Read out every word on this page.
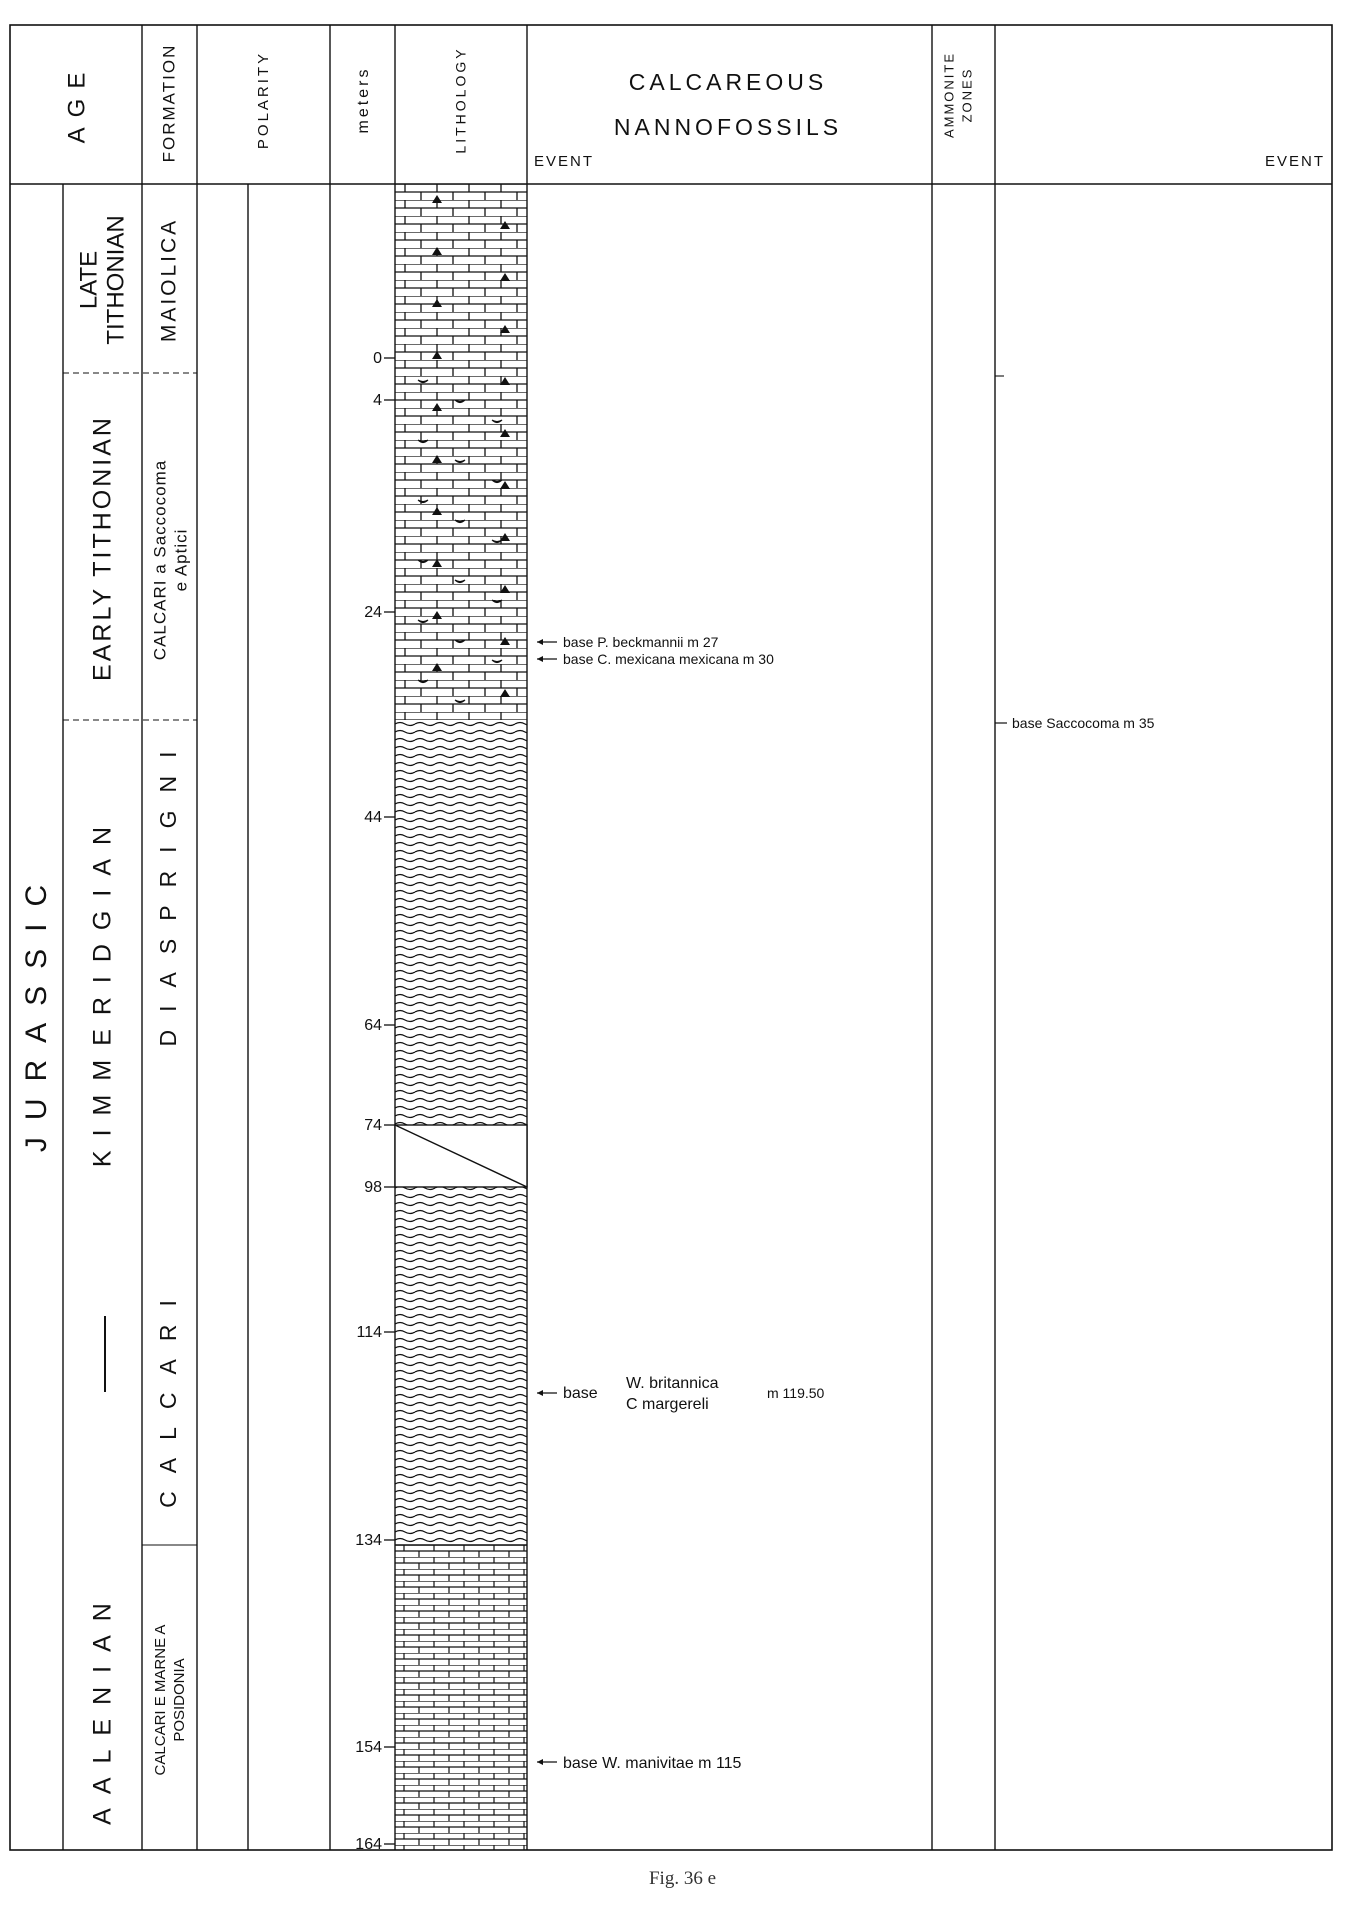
AGE	FORMATION	POLARITY	meters	LITHOLOGY	CALCAREOUS
NANNOFOSSILS
EVENT
AMMONITE ZONES
EVENT
JURASSIC
LATE TITHONIAN
EARLY TITHONIAN
KIMMERIDGIAN
AALENIAN
MAIOLICA
CALCARI a Saccocoma e Aptici
DIASPRIGNI
CALCARI
CALCARI E MARNE A POSIDONIA
0
4
24
44
64
74
98
114
134
154
164
base P. beckmannii m 27
base C. mexicana mexicana m 30
base
W. britannica
C margereli
m 119.50
base W. manivitae m 115
base Saccocoma m 35
Fig. 36 e
